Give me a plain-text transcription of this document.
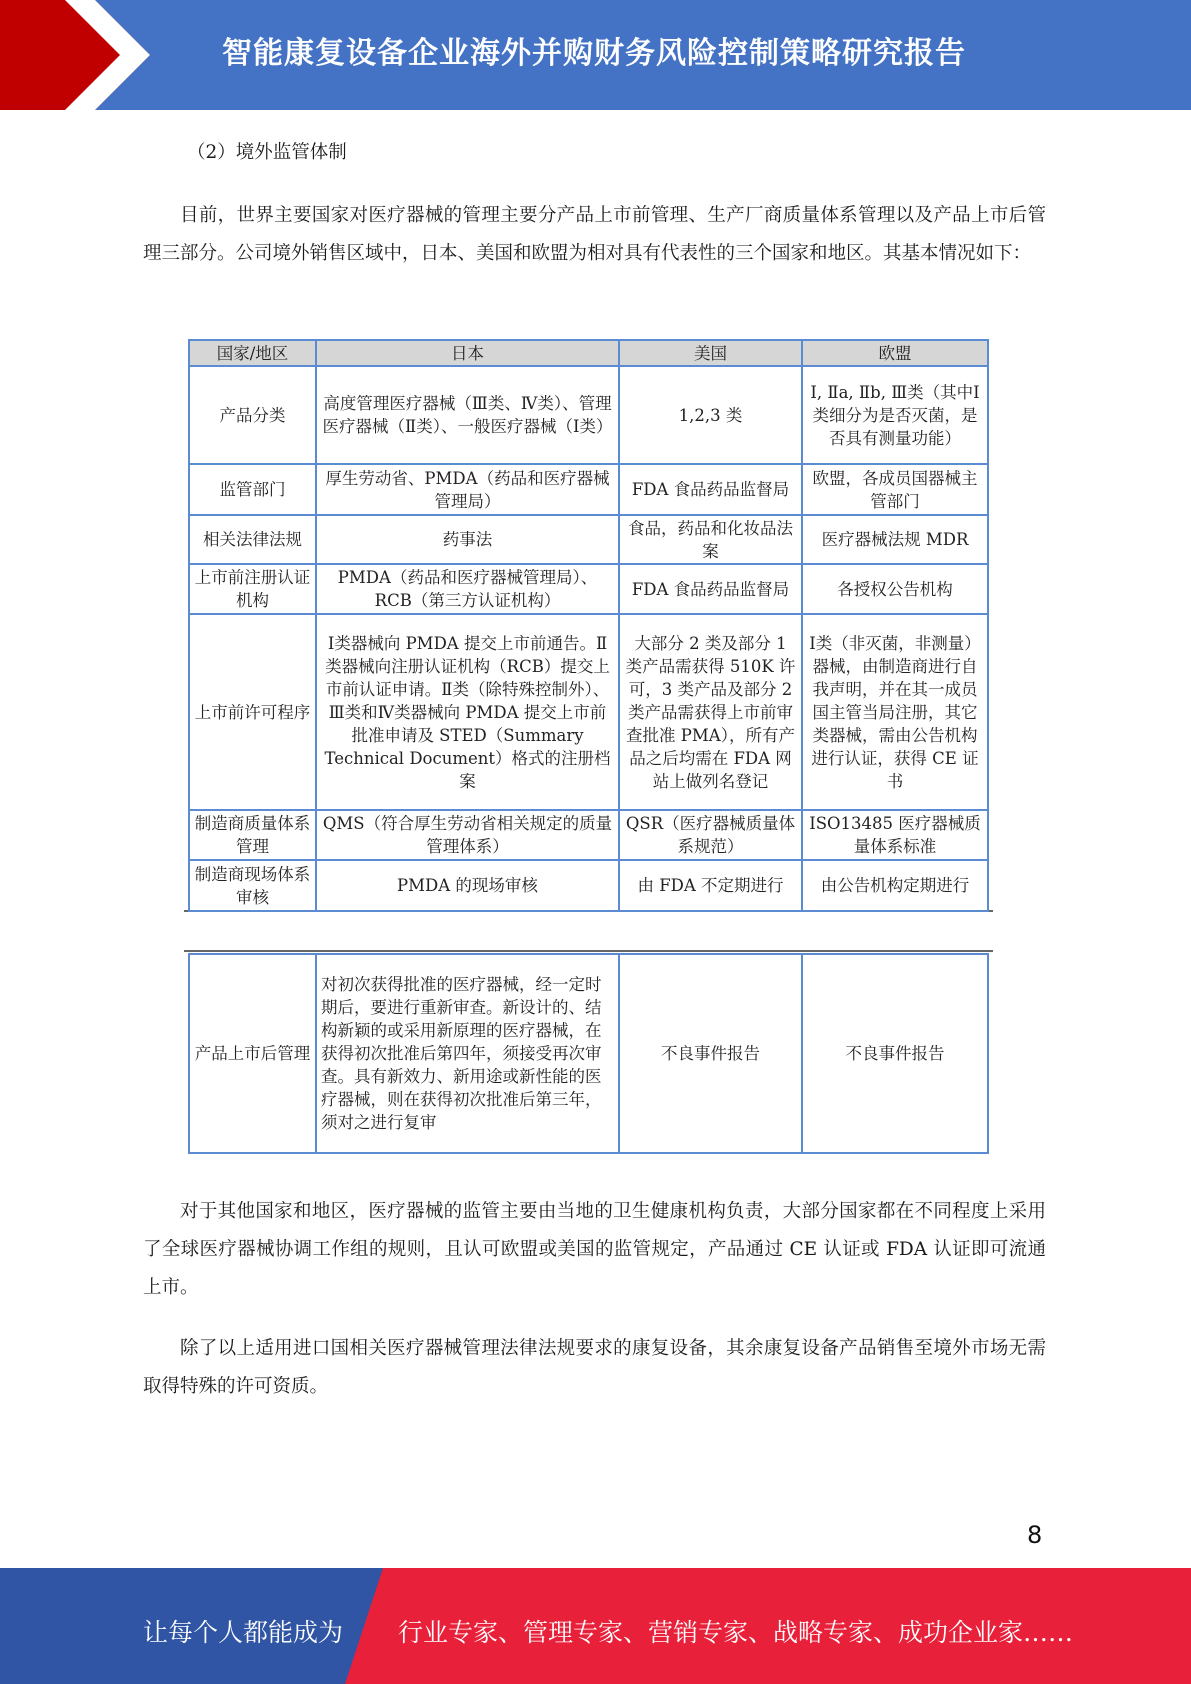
智能康复设备企业海外并购财务风险控制策略研究报告

（2）境外监管体制

目前，世界主要国家对医疗器械的管理主要分产品上市前管理、生产厂商质量体系管理以及产品上市后管理三部分。公司境外销售区域中，日本、美国和欧盟为相对具有代表性的三个国家和地区。其基本情况如下：

国家/地区	日本	美国	欧盟
产品分类	高度管理医疗器械（Ⅲ类、Ⅳ类）、管理医疗器械（Ⅱ类）、一般医疗器械（Ⅰ类）	1,2,3 类	Ⅰ, Ⅱa, Ⅱb, Ⅲ类（其中Ⅰ类细分为是否灭菌，是否具有测量功能）
监管部门	厚生劳动省、PMDA（药品和医疗器械管理局）	FDA 食品药品监督局	欧盟，各成员国器械主管部门
相关法律法规	药事法	食品，药品和化妆品法案	医疗器械法规 MDR
上市前注册认证机构	PMDA（药品和医疗器械管理局）、RCB（第三方认证机构）	FDA 食品药品监督局	各授权公告机构
上市前许可程序	Ⅰ类器械向 PMDA 提交上市前通告。Ⅱ类器械向注册认证机构（RCB）提交上市前认证申请。Ⅱ类（除特殊控制外）、Ⅲ类和Ⅳ类器械向 PMDA 提交上市前批准申请及 STED（Summary Technical Document）格式的注册档案	大部分 2 类及部分 1 类产品需获得 510K 许可，3 类产品及部分 2 类产品需获得上市前审查批准 PMA），所有产品之后均需在 FDA 网站上做列名登记	Ⅰ类（非灭菌，非测量）器械，由制造商进行自我声明，并在其一成员国主管当局注册，其它类器械，需由公告机构进行认证，获得 CE 证书
制造商质量体系管理	QMS（符合厚生劳动省相关规定的质量管理体系）	QSR（医疗器械质量体系规范）	ISO13485 医疗器械质量体系标准
制造商现场体系审核	PMDA 的现场审核	由 FDA 不定期进行	由公告机构定期进行
产品上市后管理	对初次获得批准的医疗器械，经一定时期后，要进行重新审查。新设计的、结构新颖的或采用新原理的医疗器械，在获得初次批准后第四年，须接受再次审查。具有新效力、新用途或新性能的医疗器械，则在获得初次批准后第三年，须对之进行复审	不良事件报告	不良事件报告

对于其他国家和地区，医疗器械的监管主要由当地的卫生健康机构负责，大部分国家都在不同程度上采用了全球医疗器械协调工作组的规则，且认可欧盟或美国的监管规定，产品通过 CE 认证或 FDA 认证即可流通上市。

除了以上适用进口国相关医疗器械管理法律法规要求的康复设备，其余康复设备产品销售至境外市场无需取得特殊的许可资质。

8
让每个人都能成为 行业专家、管理专家、营销专家、战略专家、成功企业家……
